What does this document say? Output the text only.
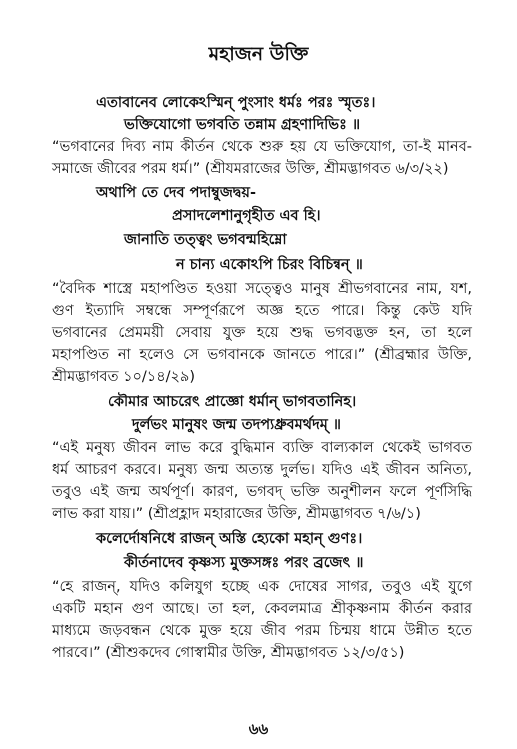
মহাজন উক্তি
এতাবানেব লোকেঽস্মিন্‌ পুংসাং ধর্মঃ পরঃ স্মৃতঃ।
ভক্তিযোগো ভগবতি তন্নাম গ্রহণাদিভিঃ ॥
“ভগবানের দিব্য নাম কীর্তন থেকে শুরু হয় যে ভক্তিযোগ, তা-ই মানব-
সমাজে জীবের পরম ধর্ম।” (শ্রীযমরাজের উক্তি, শ্রীমদ্ভাগবত ৬/৩/২২)
অথাপি তে দেব পদাম্বুজদ্বয়-
প্রসাদলেশানুগৃহীত এব হি।
জানাতি তত্ত্বং ভগবন্মহিম্নো
ন চান্য একোঽপি চিরং বিচিন্বন্‌ ॥
“বৈদিক শাস্ত্রে মহাপণ্ডিত হওয়া সত্ত্বেও মানুষ শ্রীভগবানের নাম, যশ,
গুণ ইত্যাদি সম্বন্ধে সম্পূর্ণরূপে অজ্ঞ হতে পারে। কিন্তু কেউ যদি
ভগবানের প্রেমময়ী সেবায় যুক্ত হয়ে শুদ্ধ ভগবদ্ভক্ত হন, তা হলে
মহাপণ্ডিত না হলেও সে ভগবানকে জানতে পারে।” (শ্রীব্রহ্মার উক্তি,
শ্রীমদ্ভাগবত ১০/১৪/২৯)
কৌমার আচরেৎ প্রাজ্ঞো ধর্মান্‌ ভাগবতানিহ।
দুর্লভং মানুষং জন্ম তদপ্যধ্রুবমর্থদম্‌ ॥
“এই মনুষ্য জীবন লাভ করে বুদ্ধিমান ব্যক্তি বাল্যকাল থেকেই ভাগবত
ধর্ম আচরণ করবে। মনুষ্য জন্ম অত্যন্ত দুর্লভ। যদিও এই জীবন অনিত্য,
তবুও এই জন্ম অর্থপূর্ণ। কারণ, ভগবদ্‌ ভক্তি অনুশীলন ফলে পূর্ণসিদ্ধি
লাভ করা যায়।” (শ্রীপ্রহ্লাদ মহারাজের উক্তি, শ্রীমদ্ভাগবত ৭/৬/১)
কলের্দোষনিধে রাজন্‌ অস্তি হ্যেকো মহান্‌ গুণঃ।
কীর্তনাদেব কৃষ্ণস্য মুক্তসঙ্গঃ পরং ব্রজেৎ ॥
“হে রাজন্‌, যদিও কলিযুগ হচ্ছে এক দোষের সাগর, তবুও এই যুগে
একটি মহান গুণ আছে। তা হল, কেবলমাত্র শ্রীকৃষ্ণনাম কীর্তন করার
মাধ্যমে জড়বন্ধন থেকে মুক্ত হয়ে জীব পরম চিন্ময় ধামে উন্নীত হতে
পারবে।” (শ্রীশুকদেব গোস্বামীর উক্তি, শ্রীমদ্ভাগবত ১২/৩/৫১)
৬৬
